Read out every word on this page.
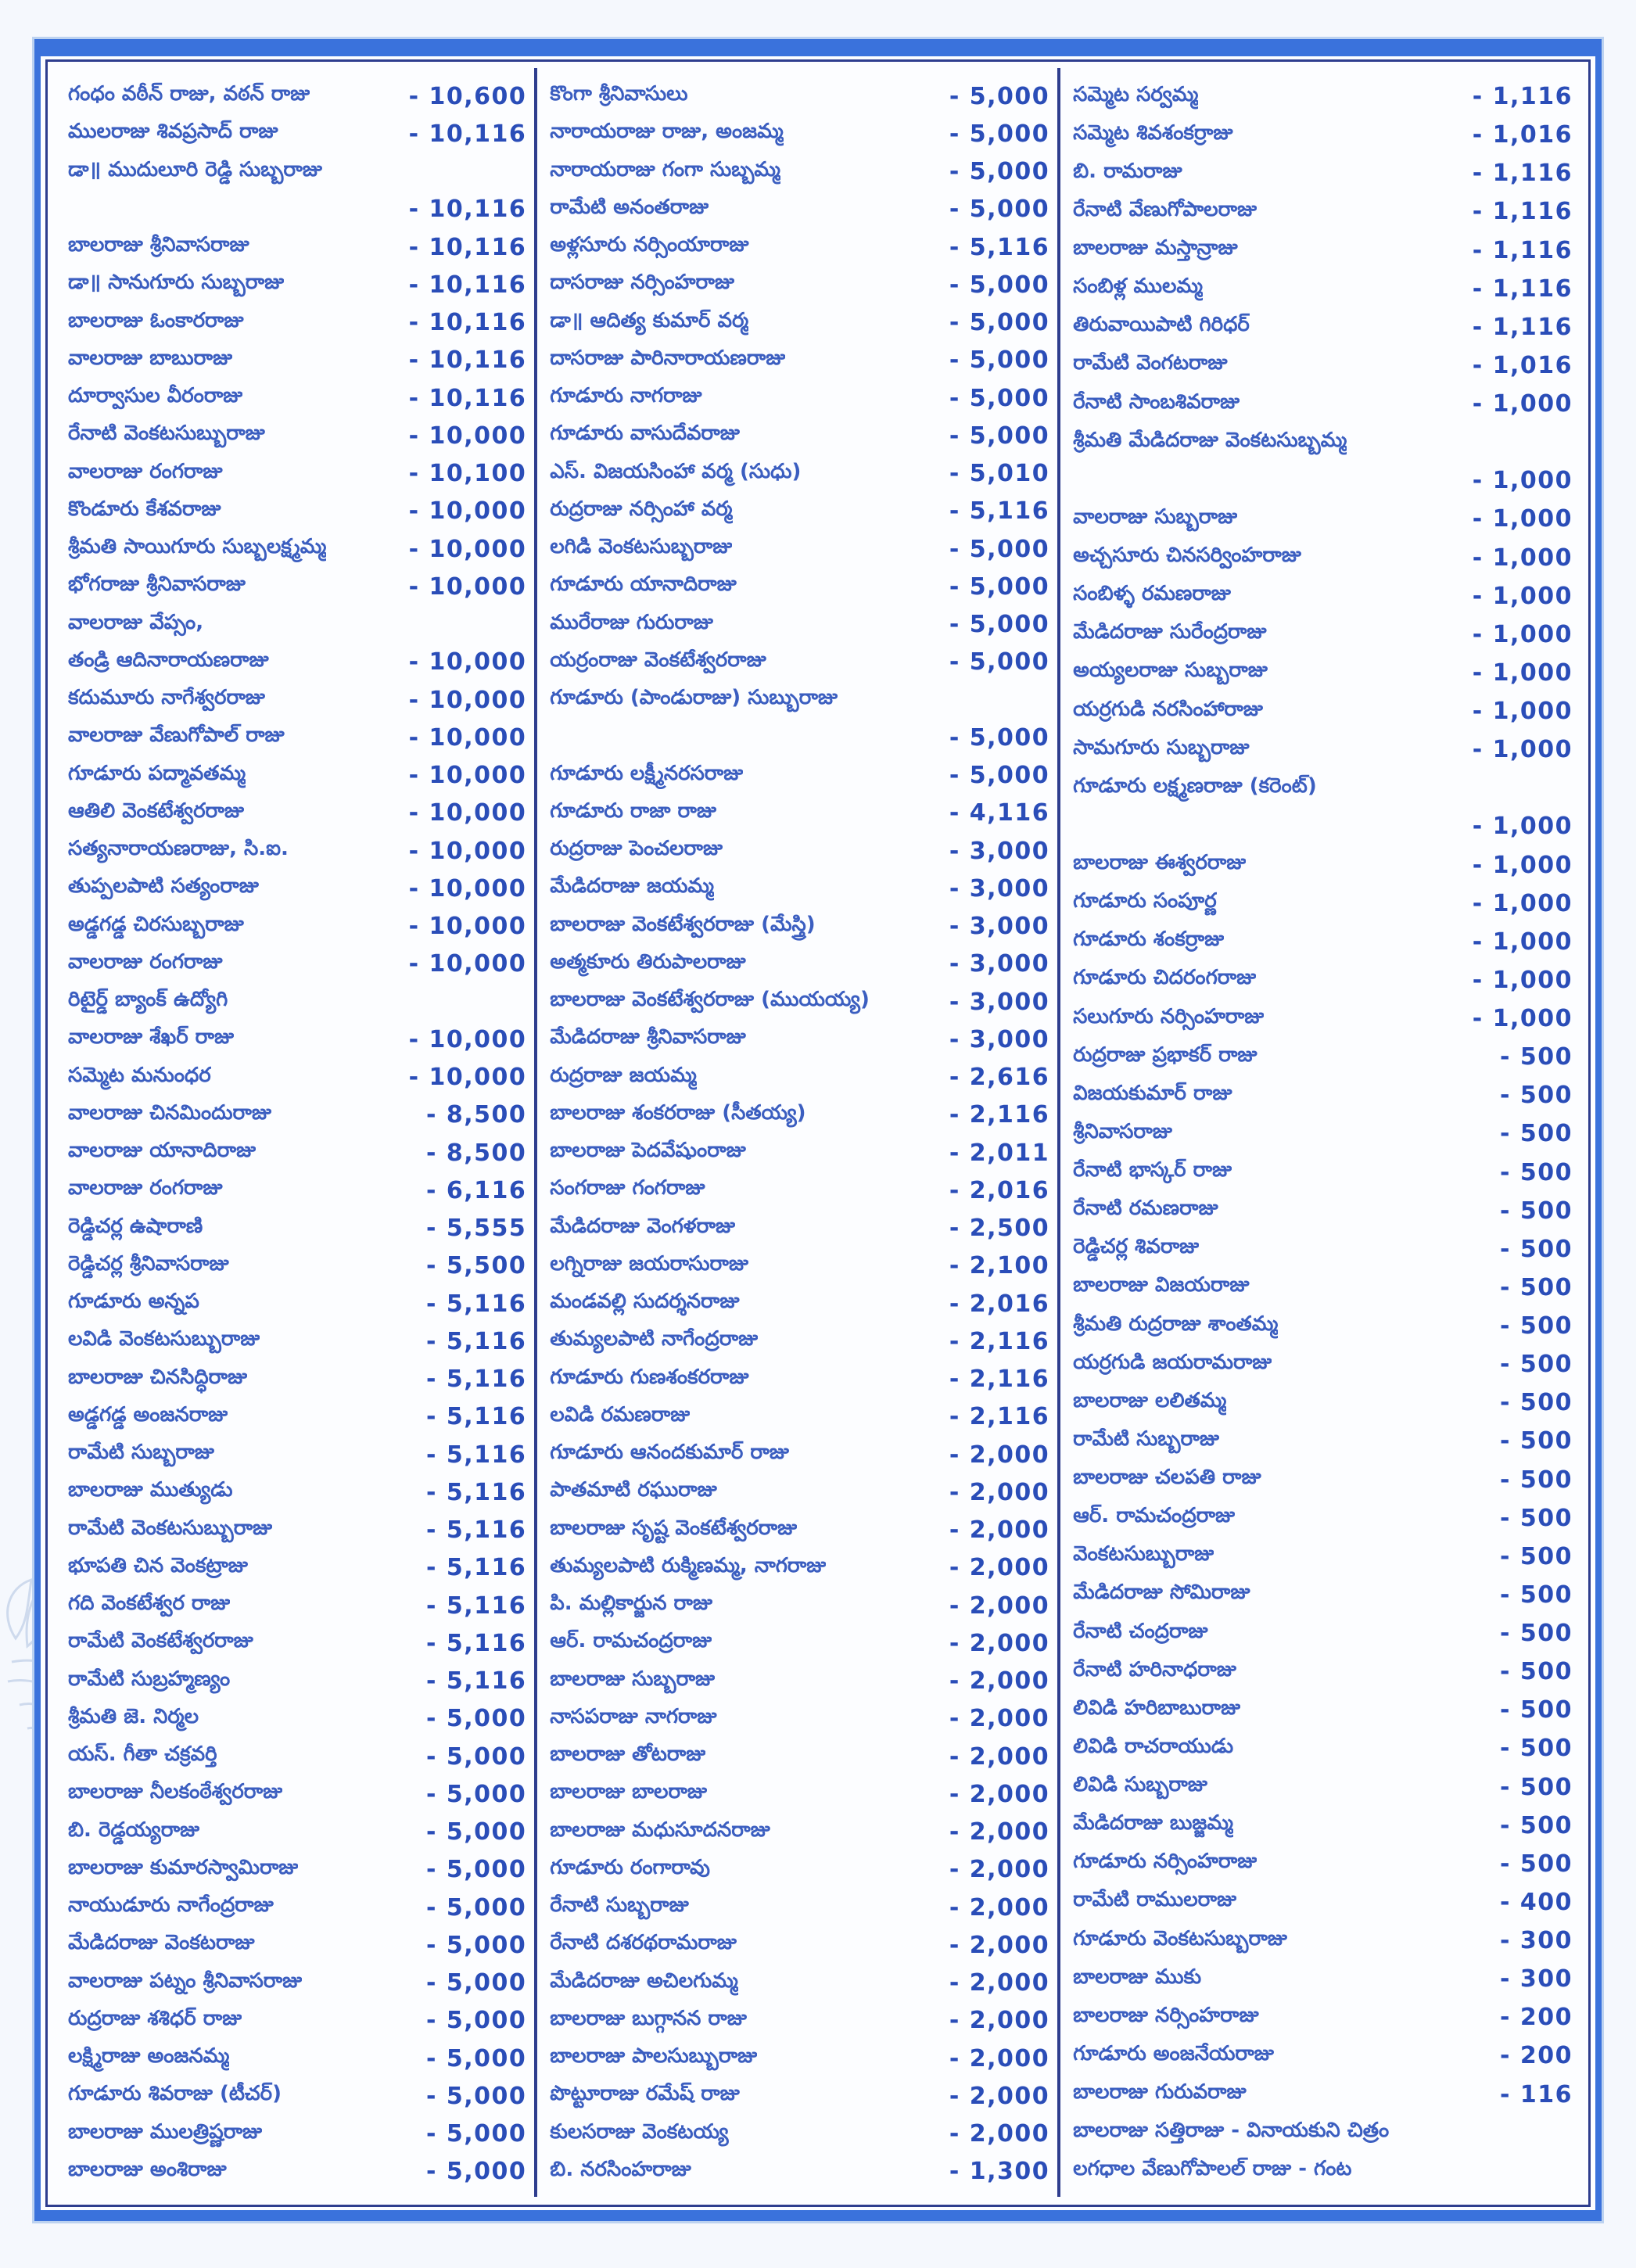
గంధం వఠీన్ రాజు, వఠన్ రాజు	- 10,600
ములరాజు శివప్రసాద్ రాజు	- 10,116
డా॥ ముదులూరి రెడ్డి సుబ్బరాజు
- 10,116
బాలరాజు శ్రీనివాసరాజు	- 10,116
డా॥ సానుగూరు సుబ్బరాజు	- 10,116
బాలరాజు ఓంకారరాజు	- 10,116
వాలరాజు బాబురాజు	- 10,116
దూర్వాసుల వీరంరాజు	- 10,116
రేనాటి వెంకటసుబ్బురాజు	- 10,000
వాలరాజు రంగరాజు	- 10,100
కొండూరు కేశవరాజు	- 10,000
శ్రీమతి సాయిగూరు సుబ్బలక్ష్మమ్మ	- 10,000
భోగరాజు శ్రీనివాసరాజు	- 10,000
వాలరాజు వేప్సం,
తండ్రి ఆదినారాయణరాజు	- 10,000
కదుమూరు నాగేశ్వరరాజు	- 10,000
వాలరాజు వేణుగోపాల్ రాజు	- 10,000
గూడూరు పద్మావతమ్మ	- 10,000
ఆతిలి వెంకటేశ్వరరాజు	- 10,000
సత్యనారాయణరాజు, సి.ఐ.	- 10,000
తుప్పలపాటి సత్యంరాజు	- 10,000
అడ్డగడ్డ చిరసుబ్బరాజు	- 10,000
వాలరాజు రంగరాజు	- 10,000
రిటైర్డ్ బ్యాంక్ ఉద్యోగి
వాలరాజు శేఖర్ రాజు	- 10,000
సమ్మెట మనుంధర	- 10,000
వాలరాజు చినమిందురాజు	- 8,500
వాలరాజు యానాదిరాజు	- 8,500
వాలరాజు రంగరాజు	- 6,116
రెడ్డిచర్ల ఉషారాణి	- 5,555
రెడ్డిచర్ల శ్రీనివాసరాజు	- 5,500
గూడూరు అన్నప	- 5,116
లవిడి వెంకటసుబ్బురాజు	- 5,116
బాలరాజు చినసిద్ధిరాజు	- 5,116
అడ్డగడ్డ అంజనరాజు	- 5,116
రామేటి సుబ్బరాజు	- 5,116
బాలరాజు ముత్యుడు	- 5,116
రామేటి వెంకటసుబ్బురాజు	- 5,116
భూపతి చిన వెంకట్రాజు	- 5,116
గది వెంకటేశ్వర రాజు	- 5,116
రామేటి వెంకటేశ్వరరాజు	- 5,116
రామేటి సుబ్రహ్మణ్యం	- 5,116
శ్రీమతి జె. నిర్మల	- 5,000
యస్. గీతా చక్రవర్తి	- 5,000
బాలరాజు నీలకంఠేశ్వరరాజు	- 5,000
బి. రెడ్డయ్యరాజు	- 5,000
బాలరాజు కుమారస్వామిరాజు	- 5,000
నాయుడూరు నాగేంద్రరాజు	- 5,000
మేడిదరాజు వెంకటరాజు	- 5,000
వాలరాజు పట్నం శ్రీనివాసరాజు	- 5,000
రుద్రరాజు శశిధర్ రాజు	- 5,000
లక్ష్మిరాజు అంజనమ్మ	- 5,000
గూడూరు శివరాజు (టీచర్)	- 5,000
బాలరాజు ములత్రిష్ణరాజు	- 5,000
బాలరాజు అంశిరాజు	- 5,000
కొంగా శ్రీనివాసులు	- 5,000
నారాయరాజు రాజు, అంజమ్మ	- 5,000
నారాయరాజు గంగా సుబ్బమ్మ	- 5,000
రామేటి అనంతరాజు	- 5,000
అళ్లసూరు నర్సింయారాజు	- 5,116
దాసరాజు నర్సింహరాజు	- 5,000
డా॥ ఆదిత్య కుమార్ వర్మ	- 5,000
దాసరాజు పారినారాయణరాజు	- 5,000
గూడూరు నాగరాజు	- 5,000
గూడూరు వాసుదేవరాజు	- 5,000
ఎస్. విజయసింహా వర్మ (సుధు)	- 5,010
రుద్రరాజు నర్సింహా వర్మ	- 5,116
లగిడి వెంకటసుబ్బరాజు	- 5,000
గూడూరు యానాదిరాజు	- 5,000
మురేరాజు గురురాజు	- 5,000
యర్రంరాజు వెంకటేశ్వరరాజు	- 5,000
గూడూరు (పాండురాజు) సుబ్బురాజు
- 5,000
గూడూరు లక్ష్మీనరసరాజు	- 5,000
గూడూరు రాజా రాజు	- 4,116
రుద్రరాజు పెంచలరాజు	- 3,000
మేడిదరాజు జయమ్మ	- 3,000
బాలరాజు వెంకటేశ్వరరాజు (మేస్త్రి)	- 3,000
అత్మకూరు తిరుపాలరాజు	- 3,000
బాలరాజు వెంకటేశ్వరరాజు (ముయయ్య)	- 3,000
మేడిదరాజు శ్రీనివాసరాజు	- 3,000
రుద్రరాజు జయమ్మ	- 2,616
బాలరాజు శంకరరాజు (సీతయ్య)	- 2,116
బాలరాజు పెదవేషుంరాజు	- 2,011
సంగరాజు గంగరాజు	- 2,016
మేడిదరాజు వెంగళరాజు	- 2,500
లగ్నిరాజు జయరాసురాజు	- 2,100
మండవల్లి సుదర్శనరాజు	- 2,016
తుమ్యలపాటి నాగేంద్రరాజు	- 2,116
గూడూరు గుణశంకరరాజు	- 2,116
లవిడి రమణరాజు	- 2,116
గూడూరు ఆనందకుమార్ రాజు	- 2,000
పాతమాటి రఘురాజు	- 2,000
బాలరాజు సృష్ట వెంకటేశ్వరరాజు	- 2,000
తుమ్యలపాటి రుక్మిణమ్మ, నాగరాజు	- 2,000
పి. మల్లికార్జున రాజు	- 2,000
ఆర్. రామచంద్రరాజు	- 2,000
బాలరాజు సుబ్బరాజు	- 2,000
నాసపరాజు నాగరాజు	- 2,000
బాలరాజు తోటరాజు	- 2,000
బాలరాజు బాలరాజు	- 2,000
బాలరాజు మధుసూదనరాజు	- 2,000
గూడూరు రంగారావు	- 2,000
రేనాటి సుబ్బరాజు	- 2,000
రేనాటి దశరథరామరాజు	- 2,000
మేడిదరాజు అచిలగుమ్మ	- 2,000
బాలరాజు బుగ్గానన రాజు	- 2,000
బాలరాజు పాలసుబ్బురాజు	- 2,000
పొట్టూరాజు రమేష్ రాజు	- 2,000
కులసరాజు వెంకటయ్య	- 2,000
బి. నరసింహరాజు	- 1,300
సమ్మెట సర్వమ్మ	- 1,116
సమ్మెట శివశంకర్రాజు	- 1,016
బి. రామరాజు	- 1,116
రేనాటి వేణుగోపాలరాజు	- 1,116
బాలరాజు మస్తాన్రాజు	- 1,116
సంబిళ్ల ములమ్మ	- 1,116
తిరువాయిపాటి గిరిధర్	- 1,116
రామేటి వెంగటరాజు	- 1,016
రేనాటి సాంబశివరాజు	- 1,000
శ్రీమతి మేడిదరాజు వెంకటసుబ్బమ్మ
- 1,000
వాలరాజు సుబ్బరాజు	- 1,000
అచ్చసూరు చినసర్వింహరాజు	- 1,000
సంబిళ్ళ రమణరాజు	- 1,000
మేడిదరాజు సురేంద్రరాజు	- 1,000
అయ్యలరాజు సుబ్బరాజు	- 1,000
యర్రగుడి నరసింహారాజు	- 1,000
సామగూరు సుబ్బరాజు	- 1,000
గూడూరు లక్ష్మణరాజు (కరెంట్)
- 1,000
బాలరాజు ఈశ్వరరాజు	- 1,000
గూడూరు సంపూర్ణ	- 1,000
గూడూరు శంకర్రాజు	- 1,000
గూడూరు చిదరంగరాజు	- 1,000
సలుగూరు నర్సింహరాజు	- 1,000
రుద్రరాజు ప్రభాకర్ రాజు	- 500
విజయకుమార్ రాజు	- 500
శ్రీనివాసరాజు	- 500
రేనాటి భాస్కర్ రాజు	- 500
రేనాటి రమణరాజు	- 500
రెడ్డిచర్ల శివరాజు	- 500
బాలరాజు విజయరాజు	- 500
శ్రీమతి రుద్రరాజు శాంతమ్మ	- 500
యర్రగుడి జయరామరాజు	- 500
బాలరాజు లలితమ్మ	- 500
రామేటి సుబ్బరాజు	- 500
బాలరాజు చలపతి రాజు	- 500
ఆర్. రామచంద్రరాజు	- 500
వెంకటసుబ్బురాజు	- 500
మేడిదరాజు సోమిరాజు	- 500
రేనాటి చంద్రరాజు	- 500
రేనాటి హరినాధరాజు	- 500
లివిడి హరిబాబురాజు	- 500
లివిడి రాచరాయుడు	- 500
లివిడి సుబ్బరాజు	- 500
మేడిదరాజు బుజ్జమ్మ	- 500
గూడూరు నర్సింహరాజు	- 500
రామేటి రాములరాజు	- 400
గూడూరు వెంకటసుబ్బరాజు	- 300
బాలరాజు ముకు	- 300
బాలరాజు నర్సింహరాజు	- 200
గూడూరు అంజనేయరాజు	- 200
బాలరాజు గురువరాజు	- 116
బాలరాజు సత్తిరాజు - వినాయకుని చిత్రం
లగధాల వేణుగోపాలల్ రాజు - గంట
